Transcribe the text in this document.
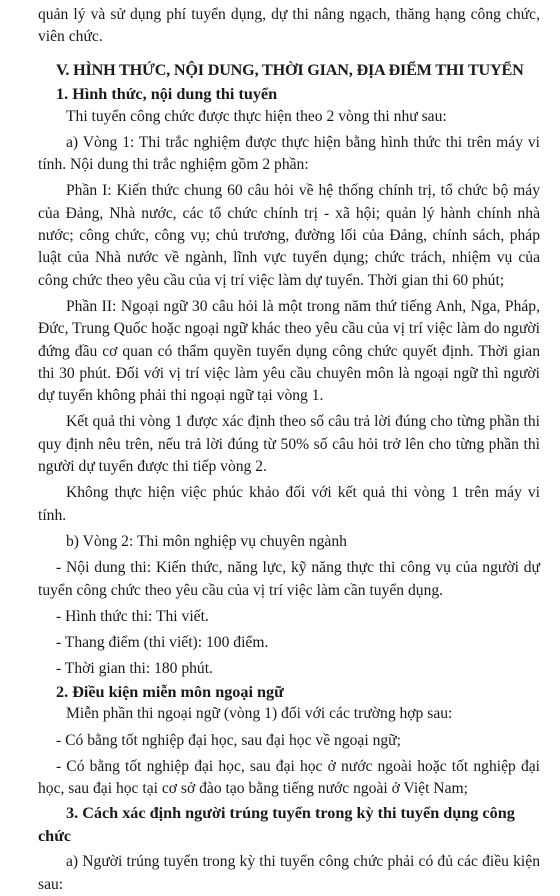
quản lý và sử dụng phí tuyển dụng, dự thi nâng ngạch, thăng hạng công chức, viên chức.

V. HÌNH THỨC, NỘI DUNG, THỜI GIAN, ĐỊA ĐIỂM THI TUYỂN

1. Hình thức, nội dung thi tuyển

Thi tuyển công chức được thực hiện theo 2 vòng thi như sau:

a) Vòng 1: Thi trắc nghiệm được thực hiện bằng hình thức thi trên máy vi tính. Nội dung thi trắc nghiệm gồm 2 phần:

Phần I: Kiến thức chung 60 câu hỏi về hệ thống chính trị, tổ chức bộ máy của Đảng, Nhà nước, các tổ chức chính trị - xã hội; quản lý hành chính nhà nước; công chức, công vụ; chủ trương, đường lối của Đảng, chính sách, pháp luật của Nhà nước về ngành, lĩnh vực tuyển dụng; chức trách, nhiệm vụ của công chức theo yêu cầu của vị trí việc làm dự tuyển. Thời gian thi 60 phút;

Phần II: Ngoại ngữ 30 câu hỏi là một trong năm thứ tiếng Anh, Nga, Pháp, Đức, Trung Quốc hoặc ngoại ngữ khác theo yêu cầu của vị trí việc làm do người đứng đầu cơ quan có thẩm quyền tuyển dụng công chức quyết định. Thời gian thi 30 phút. Đối với vị trí việc làm yêu cầu chuyên môn là ngoại ngữ thì người dự tuyển không phải thi ngoại ngữ tại vòng 1.

Kết quả thi vòng 1 được xác định theo số câu trả lời đúng cho từng phần thi quy định nêu trên, nếu trả lời đúng từ 50% số câu hỏi trở lên cho từng phần thì người dự tuyển được thi tiếp vòng 2.

Không thực hiện việc phúc khảo đối với kết quả thi vòng 1 trên máy vi tính.

b) Vòng 2: Thi môn nghiệp vụ chuyên ngành

- Nội dung thi: Kiến thức, năng lực, kỹ năng thực thi công vụ của người dự tuyển công chức theo yêu cầu của vị trí việc làm cần tuyển dụng.

- Hình thức thi: Thi viết.

- Thang điểm (thi viết): 100 điểm.

- Thời gian thi: 180 phút.

2. Điều kiện miễn môn ngoại ngữ

Miễn phần thi ngoại ngữ (vòng 1) đối với các trường hợp sau:

- Có bằng tốt nghiệp đại học, sau đại học về ngoại ngữ;

- Có bằng tốt nghiệp đại học, sau đại học ở nước ngoài hoặc tốt nghiệp đại học, sau đại học tại cơ sở đào tạo bằng tiếng nước ngoài ở Việt Nam;

3. Cách xác định người trúng tuyển trong kỳ thi tuyển dụng công chức

a) Người trúng tuyển trong kỳ thi tuyển công chức phải có đủ các điều kiện sau:
